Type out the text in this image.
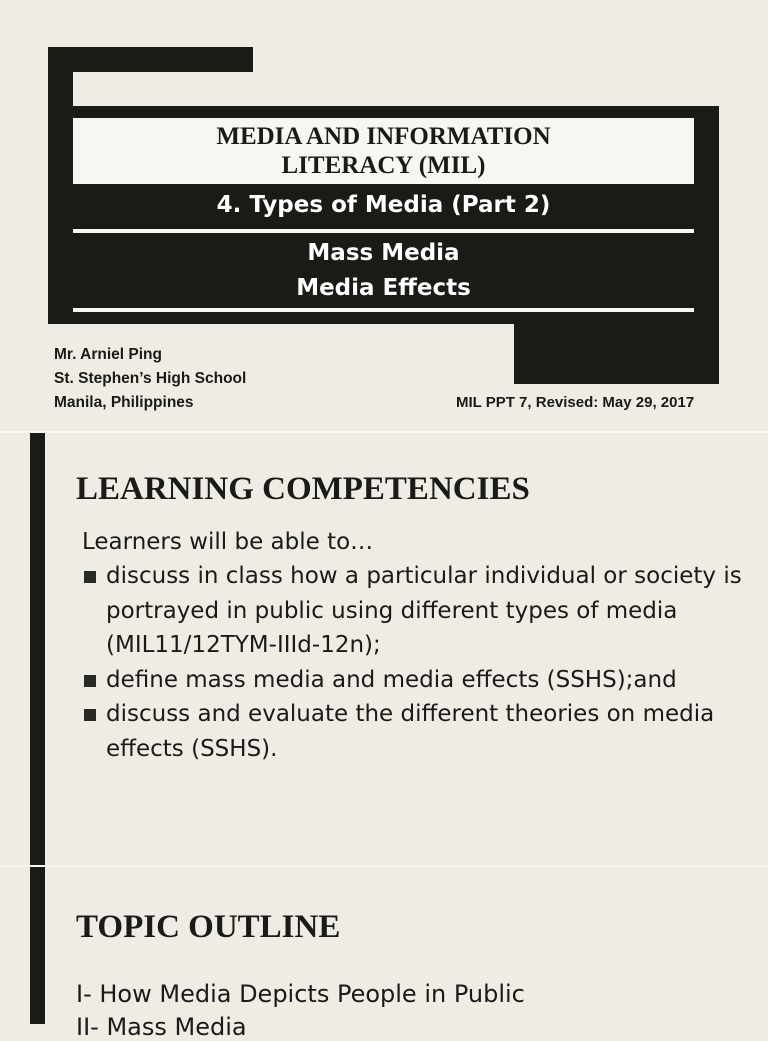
MEDIA AND INFORMATION
LITERACY (MIL)
4. Types of Media (Part 2)
Mass Media
Media Effects
Mr. Arniel Ping
St. Stephen’s High School
Manila, Philippines	MIL PPT 7, Revised: May 29, 2017
LEARNING COMPETENCIES
Learners will be able to…
discuss in class how a particular individual or society is portrayed in public using different types of media (MIL11/12TYM-IIId-12n);
define mass media and media effects (SSHS);and
discuss and evaluate the different theories on media effects (SSHS).
TOPIC OUTLINE
I- How Media Depicts People in Public
II- Mass Media
